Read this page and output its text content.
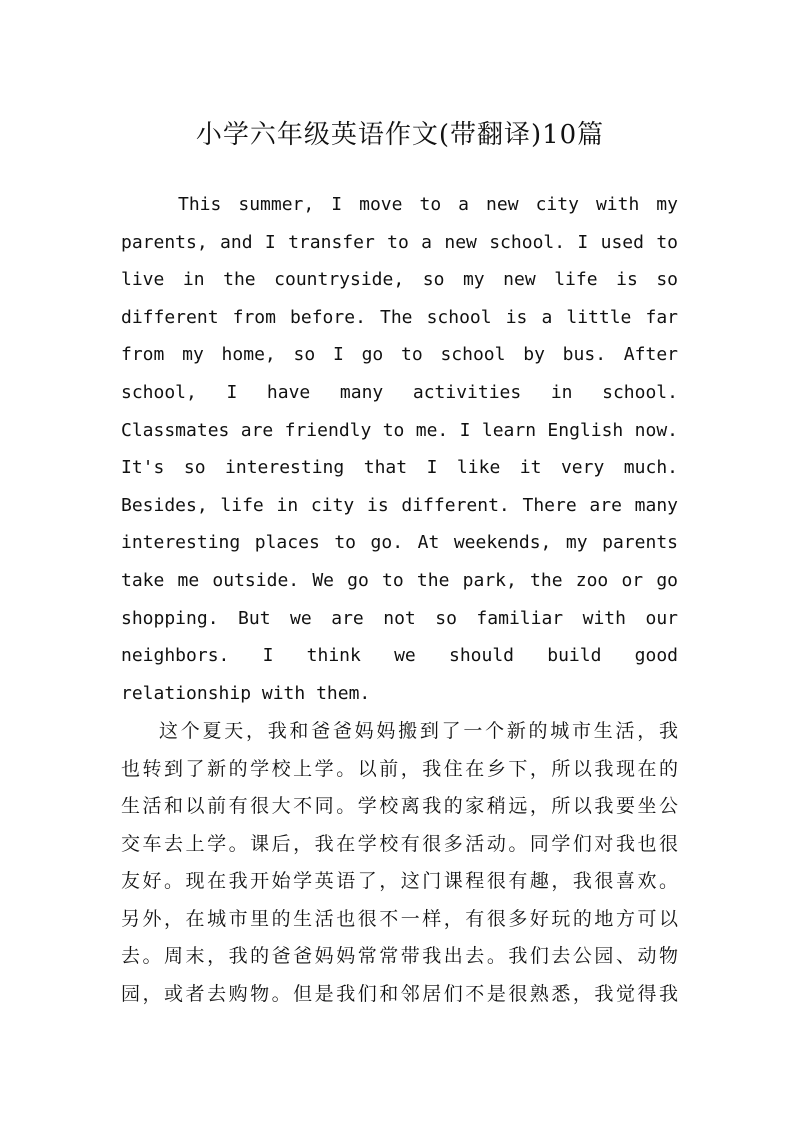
小学六年级英语作文(带翻译)10篇
This summer, I move to a new city with my
parents, and I transfer to a new school. I used to
live in the countryside, so my new life is so
different from before. The school is a little far
from my home, so I go to school by bus. After
school, I have many activities in school.
Classmates are friendly to me. I learn English now.
It's so interesting that I like it very much.
Besides, life in city is different. There are many
interesting places to go. At weekends, my parents
take me outside. We go to the park, the zoo or go
shopping. But we are not so familiar with our
neighbors. I think we should build good
relationship with them.
这个夏天，我和爸爸妈妈搬到了一个新的城市生活，我
也转到了新的学校上学。以前，我住在乡下，所以我现在的
生活和以前有很大不同。学校离我的家稍远，所以我要坐公
交车去上学。课后，我在学校有很多活动。同学们对我也很
友好。现在我开始学英语了，这门课程很有趣，我很喜欢。
另外，在城市里的生活也很不一样，有很多好玩的地方可以
去。周末，我的爸爸妈妈常常带我出去。我们去公园、动物
园，或者去购物。但是我们和邻居们不是很熟悉，我觉得我
